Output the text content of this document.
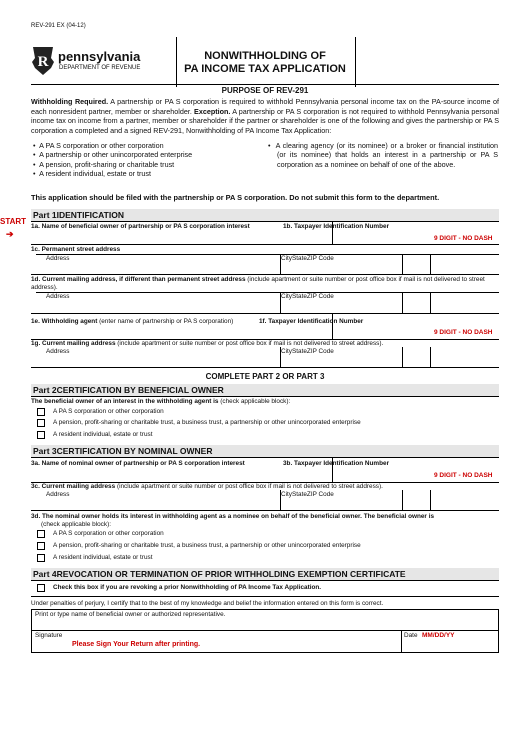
REV-291 EX (04-12)
R pennsylvania
DEPARTMENT OF REVENUE
NONWITHHOLDING OF
PA INCOME TAX APPLICATION
PURPOSE OF REV-291
Withholding Required. A partnership or PA S corporation is required to withhold Pennsylvania personal income tax on the PA-source income of each nonresident partner, member or shareholder. Exception. A partnership or PA S corporation is not required to withhold Pennsylvania personal income tax on income from a partner, member or shareholder if the partner or shareholder is one of the following and gives the partnership or PA S corporation a completed and a signed REV-291, Nonwithholding of PA Income Tax Application:
•  A PA S corporation or other corporation
•  A partnership or other unincorporated enterprise
•  A pension, profit-sharing or charitable trust
•  A resident individual, estate or trust
•  A clearing agency (or its nominee) or a broker or financial institution (or its nominee) that holds an interest in a partnership or PA S corporation as a nominee on behalf of one of the above.
This application should be filed with the partnership or PA S corporation. Do not submit this form to the department.
START
➔
Part 1IDENTIFICATION
1a. Name of beneficial owner of partnership or PA S corporation interest	1b. Taxpayer Identification Number
9 DIGIT - NO DASH
1c. Permanent street address
Address	CityStateZIP Code
1d. Current mailing address, if different than permanent street address (include apartment or suite number or post office box if mail is not delivered to street address).
Address	CityStateZIP Code
1e. Withholding agent (enter name of partnership or PA S corporation)	1f. Taxpayer Identification Number
9 DIGIT - NO DASH
1g. Current mailing address (include apartment or suite number or post office box if mail is not delivered to street address).
Address	CityStateZIP Code
COMPLETE PART 2 OR PART 3
Part 2CERTIFICATION BY BENEFICIAL OWNER
The beneficial owner of an interest in the withholding agent is (check applicable block):
A PA S corporation or other corporation
A pension, profit-sharing or charitable trust, a business trust, a partnership or other unincorporated enterprise
A resident individual, estate or trust
Part 3CERTIFICATION BY NOMINAL OWNER
3a. Name of nominal owner of partnership or PA S corporation interest	3b. Taxpayer Identification Number
9 DIGIT - NO DASH
3c. Current mailing address (include apartment or suite number or post office box if mail is not delivered to street address).
Address	CityStateZIP Code
3d. The nominal owner holds its interest in withholding agent as a nominee on behalf of the beneficial owner. The beneficial owner is
(check applicable block):
A PA S corporation or other corporation
A pension, profit-sharing or charitable trust, a business trust, a partnership or other unincorporated enterprise
A resident individual, estate or trust
Part 4REVOCATION OR TERMINATION OF PRIOR WITHHOLDING EXEMPTION CERTIFICATE
Check this box if you are revoking a prior Nonwithholding of PA Income Tax Application.
Under penalties of perjury, I certify that to the best of my knowledge and belief the information entered on this form is correct.
Print or type name of beneficial owner or authorized representative.
Signature
Please Sign Your Return after printing.
Date MM/DD/YY
